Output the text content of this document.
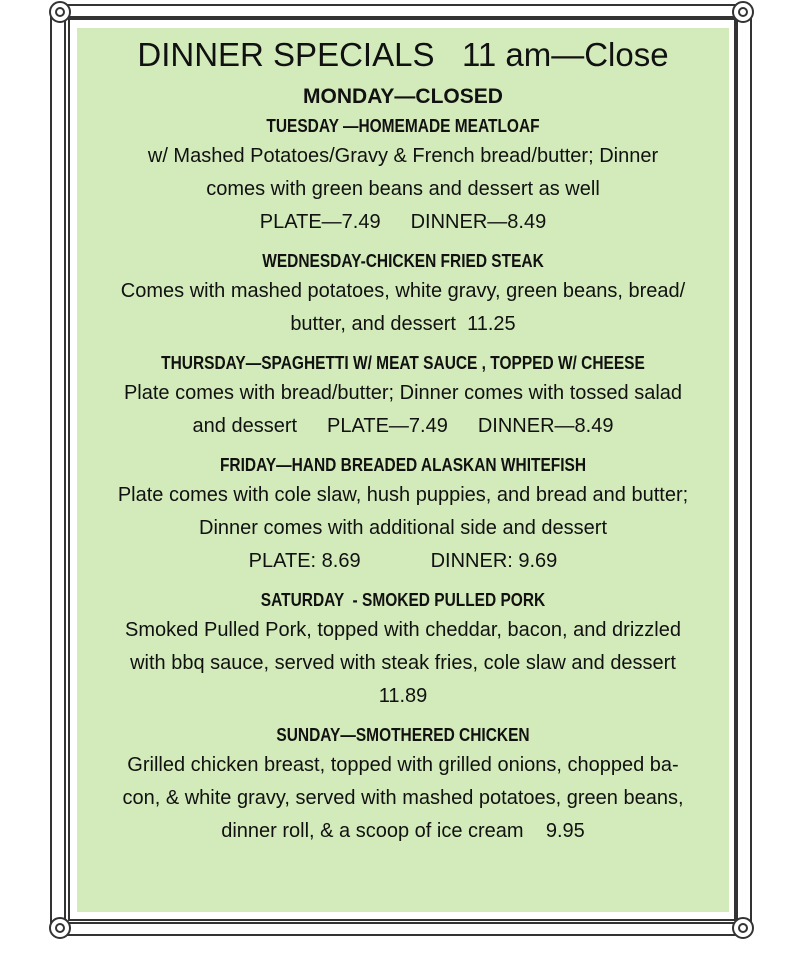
DINNER SPECIALS   11 am—Close

MONDAY—CLOSED

TUESDAY —HOMEMADE MEATLOAF

w/ Mashed Potatoes/Gravy & French bread/butter; Dinner

comes with green beans and dessert as well

PLATE—7.49 DINNER—8.49

WEDNESDAY-CHICKEN FRIED STEAK

Comes with mashed potatoes, white gravy, green beans, bread/

butter, and dessert 11.25

THURSDAY—SPAGHETTI W/ MEAT SAUCE , TOPPED W/ CHEESE

Plate comes with bread/butter; Dinner comes with tossed salad

and dessert PLATE—7.49 DINNER—8.49

FRIDAY—HAND BREADED ALASKAN WHITEFISH

Plate comes with cole slaw, hush puppies, and bread and butter;

Dinner comes with additional side and dessert

PLATE: 8.69	DINNER: 9.69

SATURDAY  - SMOKED PULLED PORK

Smoked Pulled Pork, topped with cheddar, bacon, and drizzled

with bbq sauce, served with steak fries, cole slaw and dessert

11.89

SUNDAY—SMOTHERED CHICKEN

Grilled chicken breast, topped with grilled onions, chopped ba-

con, & white gravy, served with mashed potatoes, green beans,

dinner roll, & a scoop of ice cream 9.95
